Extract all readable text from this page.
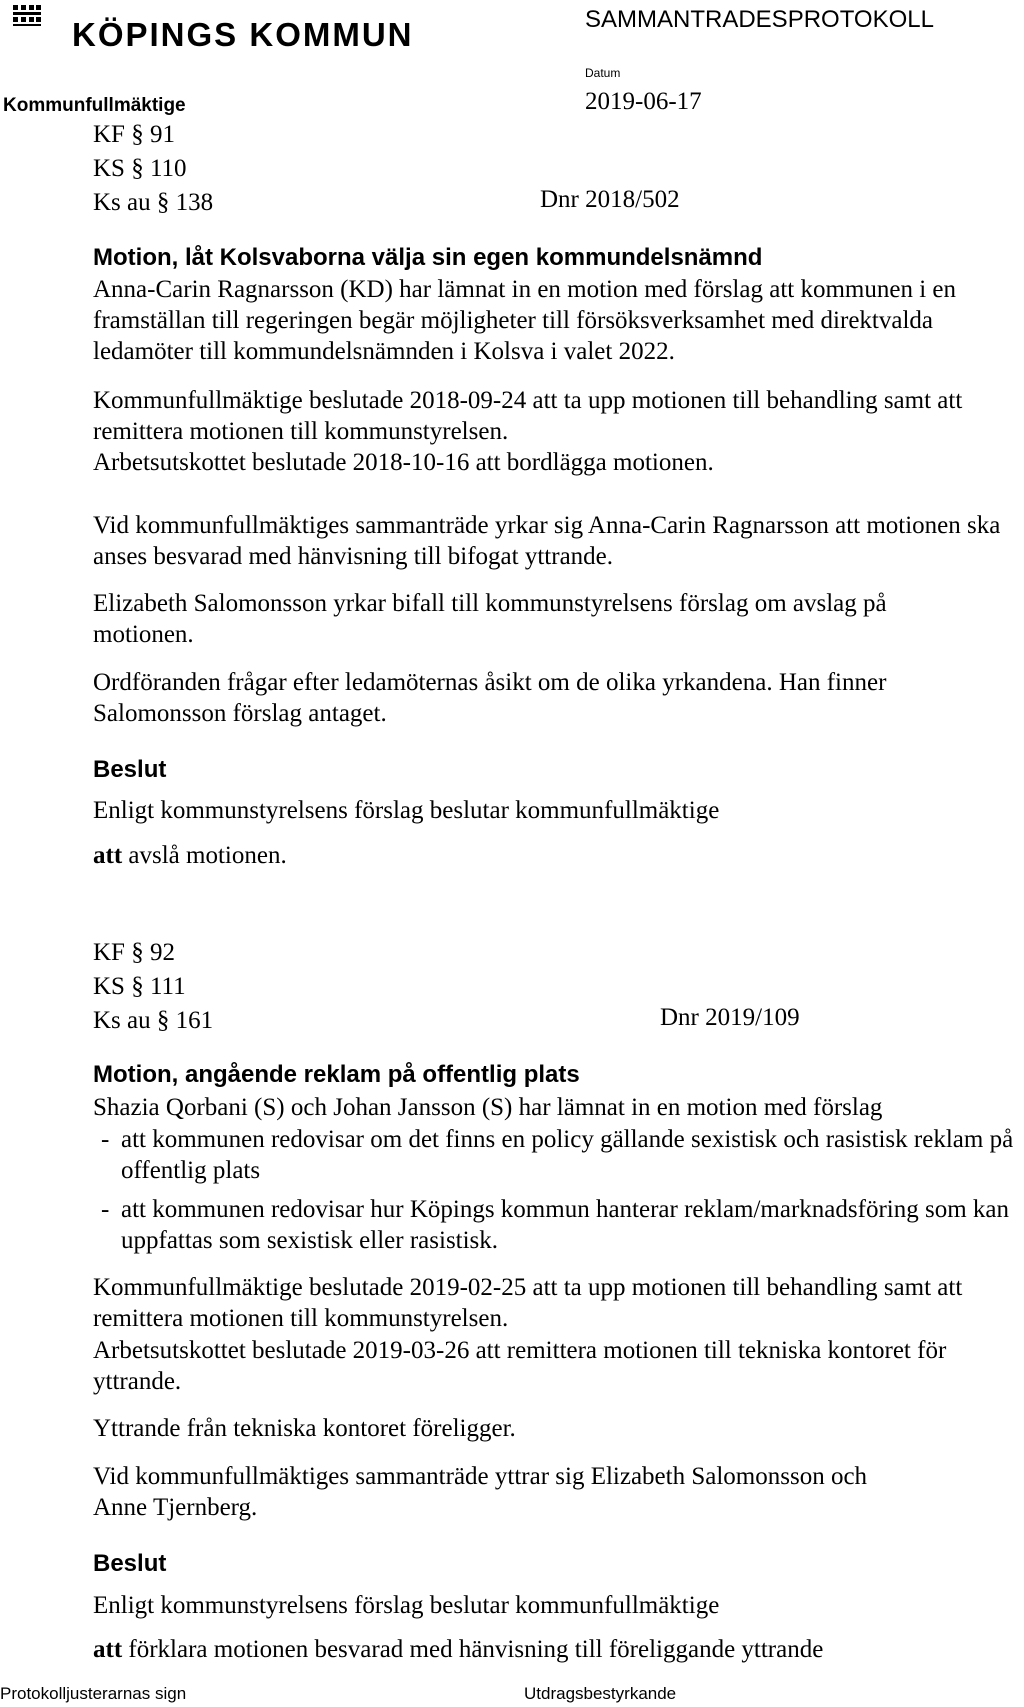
KÖPINGS KOMMUN	SAMMANTRADESPROTOKOLL
Datum
Kommunfullmäktige	2019-06-17
KF § 91
KS § 110
Ks au § 138	Dnr 2018/502
Motion, låt Kolsvaborna välja sin egen kommundelsnämnd
Anna-Carin Ragnarsson (KD) har lämnat in en motion med förslag att kommunen i en framställan till regeringen begär möjligheter till försöksverksamhet med direktvalda ledamöter till kommundelsnämnden i Kolsva i valet 2022.
Kommunfullmäktige beslutade 2018-09-24 att ta upp motionen till behandling samt att remittera motionen till kommunstyrelsen.
Arbetsutskottet beslutade 2018-10-16 att bordlägga motionen.
Vid kommunfullmäktiges sammanträde yrkar sig Anna-Carin Ragnarsson att motionen ska anses besvarad med hänvisning till bifogat yttrande.
Elizabeth Salomonsson yrkar bifall till kommunstyrelsens förslag om avslag på motionen.
Ordföranden frågar efter ledamöternas åsikt om de olika yrkandena. Han finner Salomonsson förslag antaget.
Beslut
Enligt kommunstyrelsens förslag beslutar kommunfullmäktige
att avslå motionen.
KF § 92
KS § 111
Ks au § 161	Dnr 2019/109
Motion, angående reklam på offentlig plats
Shazia Qorbani (S) och Johan Jansson (S) har lämnat in en motion med förslag

- att kommunen redovisar om det finns en policy gällande sexistisk och rasistisk reklam på offentlig plats

- att kommunen redovisar hur Köpings kommun hanterar reklam/marknadsföring som kan uppfattas som sexistisk eller rasistisk.

Kommunfullmäktige beslutade 2019-02-25 att ta upp motionen till behandling samt att remittera motionen till kommunstyrelsen.
Arbetsutskottet beslutade 2019-03-26 att remittera motionen till tekniska kontoret för yttrande.
Yttrande från tekniska kontoret föreligger.
Vid kommunfullmäktiges sammanträde yttrar sig Elizabeth Salomonsson och Anne Tjernberg.
Beslut
Enligt kommunstyrelsens förslag beslutar kommunfullmäktige
att förklara motionen besvarad med hänvisning till föreliggande yttrande
Protokolljusterarnas sign	Utdragsbestyrkande
